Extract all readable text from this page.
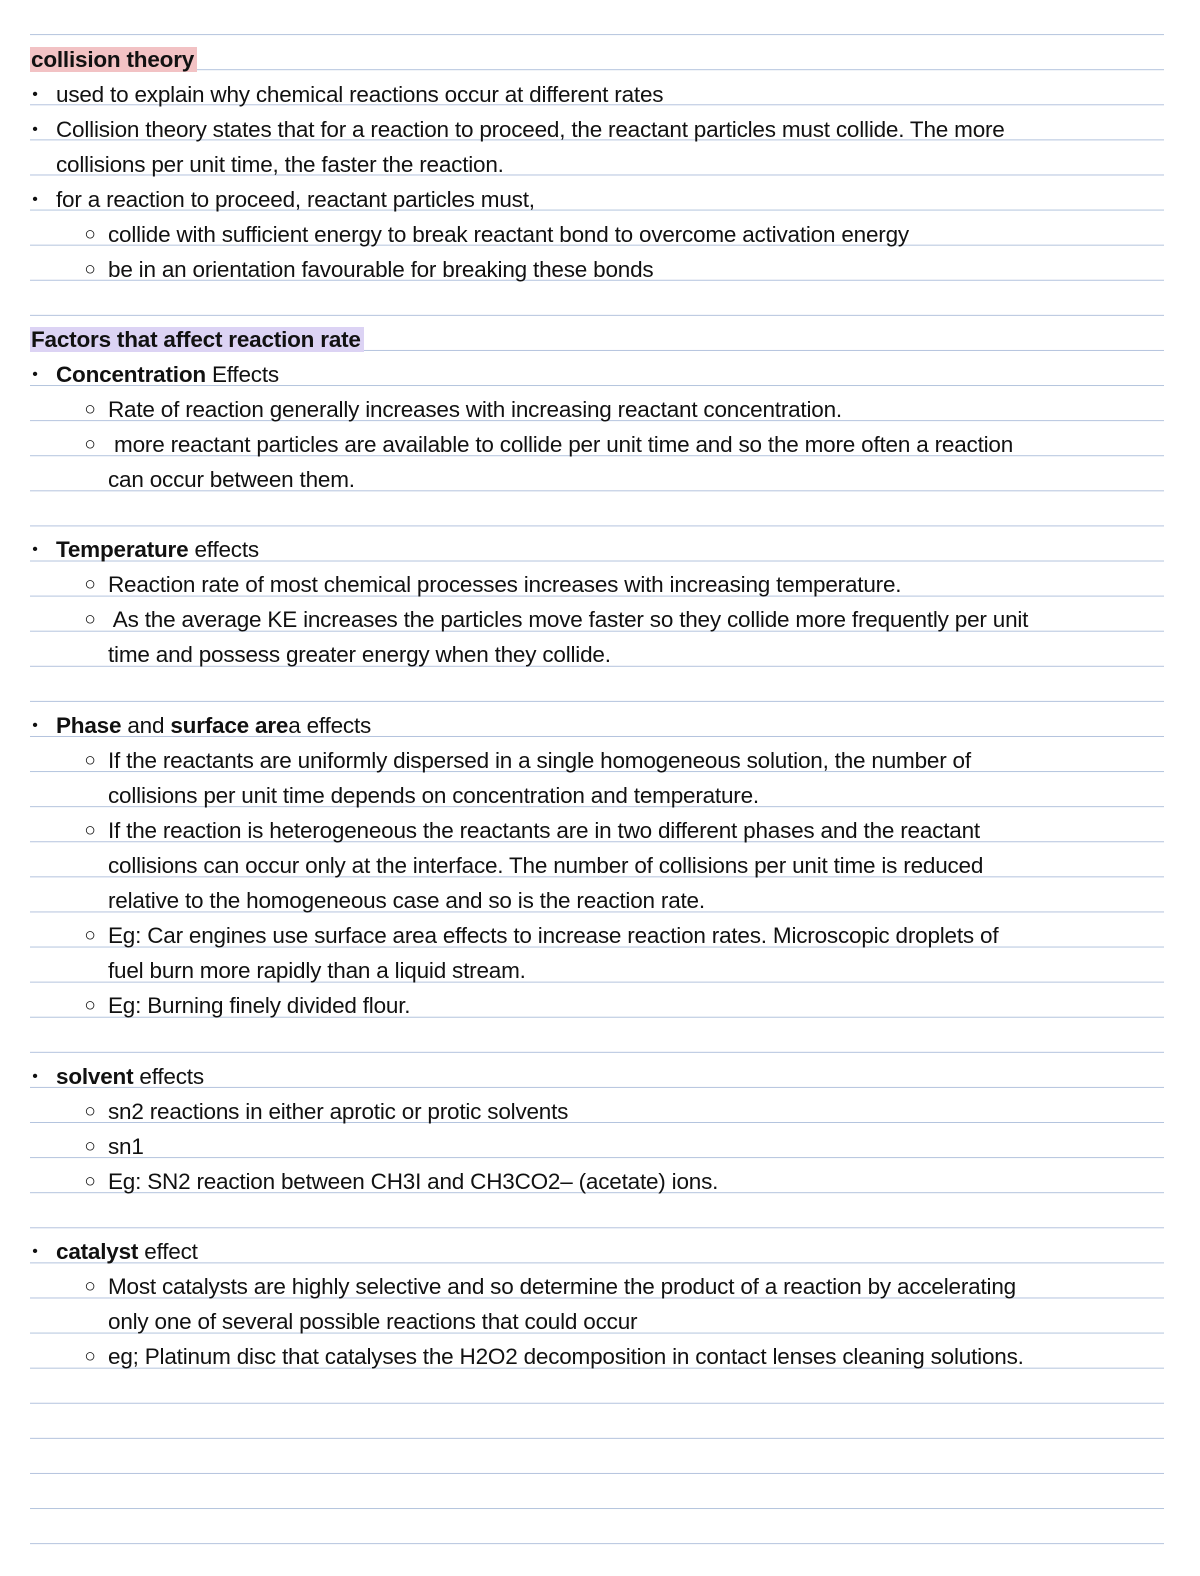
collision theory
• used to explain why chemical reactions occur at different rates
• Collision theory states that for a reaction to proceed, the reactant particles must collide. The more
collisions per unit time, the faster the reaction.
• for a reaction to proceed, reactant particles must,
○ collide with sufficient energy to break reactant bond to overcome activation energy
○ be in an orientation favourable for breaking these bonds
Factors that affect reaction rate
• Concentration Effects
○ Rate of reaction generally increases with increasing reactant concentration.
○ more reactant particles are available to collide per unit time and so the more often a reaction
can occur between them.
• Temperature effects
○ Reaction rate of most chemical processes increases with increasing temperature.
○ As the average KE increases the particles move faster so they collide more frequently per unit
time and possess greater energy when they collide.
• Phase and surface area effects
○ If the reactants are uniformly dispersed in a single homogeneous solution, the number of
collisions per unit time depends on concentration and temperature.
○ If the reaction is heterogeneous the reactants are in two different phases and the reactant
collisions can occur only at the interface. The number of collisions per unit time is reduced
relative to the homogeneous case and so is the reaction rate.
○ Eg: Car engines use surface area effects to increase reaction rates. Microscopic droplets of
fuel burn more rapidly than a liquid stream.
○ Eg: Burning finely divided flour.
• solvent effects
○ sn2 reactions in either aprotic or protic solvents
○ sn1
○ Eg: SN2 reaction between CH3I and CH3CO2– (acetate) ions.
• catalyst effect
○ Most catalysts are highly selective and so determine the product of a reaction by accelerating
only one of several possible reactions that could occur
○ eg; Platinum disc that catalyses the H2O2 decomposition in contact lenses cleaning solutions.
